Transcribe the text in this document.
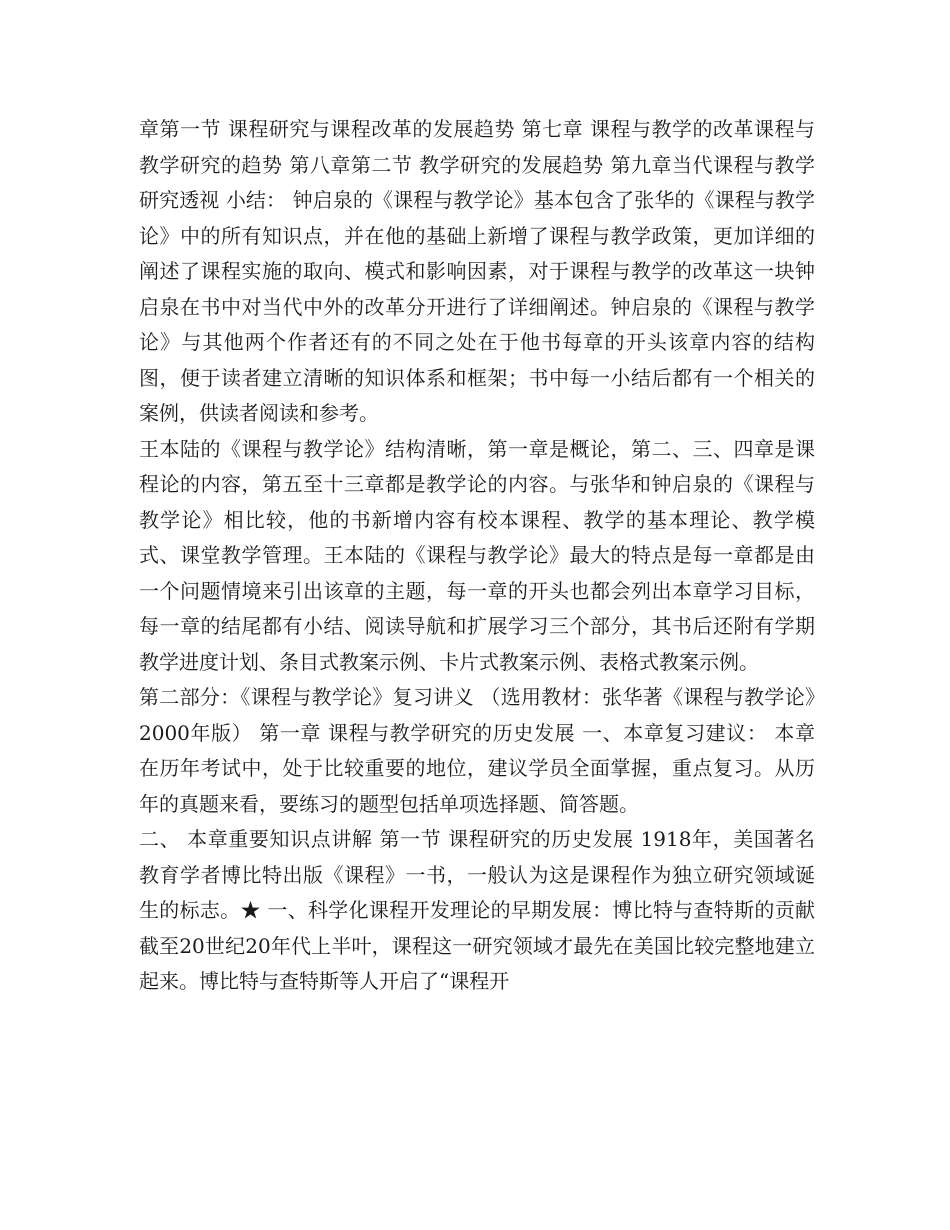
章第一节 课程研究与课程改革的发展趋势 第七章 课程与教学的改革课程与教学研究的趋势 第八章第二节 教学研究的发展趋势 第九章当代课程与教学研究透视 小结： 钟启泉的《课程与教学论》基本包含了张华的《课程与教学论》中的所有知识点，并在他的基础上新增了课程与教学政策，更加详细的阐述了课程实施的取向、模式和影响因素，对于课程与教学的改革这一块钟启泉在书中对当代中外的改革分开进行了详细阐述。钟启泉的《课程与教学论》与其他两个作者还有的不同之处在于他书每章的开头该章内容的结构图，便于读者建立清晰的知识体系和框架；书中每一小结后都有一个相关的案例，供读者阅读和参考。

王本陆的《课程与教学论》结构清晰，第一章是概论，第二、三、四章是课程论的内容，第五至十三章都是教学论的内容。与张华和钟启泉的《课程与教学论》相比较，他的书新增内容有校本课程、教学的基本理论、教学模式、课堂教学管理。王本陆的《课程与教学论》最大的特点是每一章都是由一个问题情境来引出该章的主题，每一章的开头也都会列出本章学习目标，每一章的结尾都有小结、阅读导航和扩展学习三个部分，其书后还附有学期教学进度计划、条目式教案示例、卡片式教案示例、表格式教案示例。

第二部分：《课程与教学论》复习讲义 （选用教材：张华著《课程与教学论》2000年版） 第一章 课程与教学研究的历史发展 一、本章复习建议： 本章在历年考试中，处于比较重要的地位，建议学员全面掌握，重点复习。从历年的真题来看，要练习的题型包括单项选择题、简答题。

二、 本章重要知识点讲解 第一节 课程研究的历史发展 1918年，美国著名教育学者博比特出版《课程》一书，一般认为这是课程作为独立研究领域诞生的标志。★ 一、科学化课程开发理论的早期发展：博比特与查特斯的贡献 截至20世纪20年代上半叶，课程这一研究领域才最先在美国比较完整地建立起来。博比特与查特斯等人开启了“课程开
